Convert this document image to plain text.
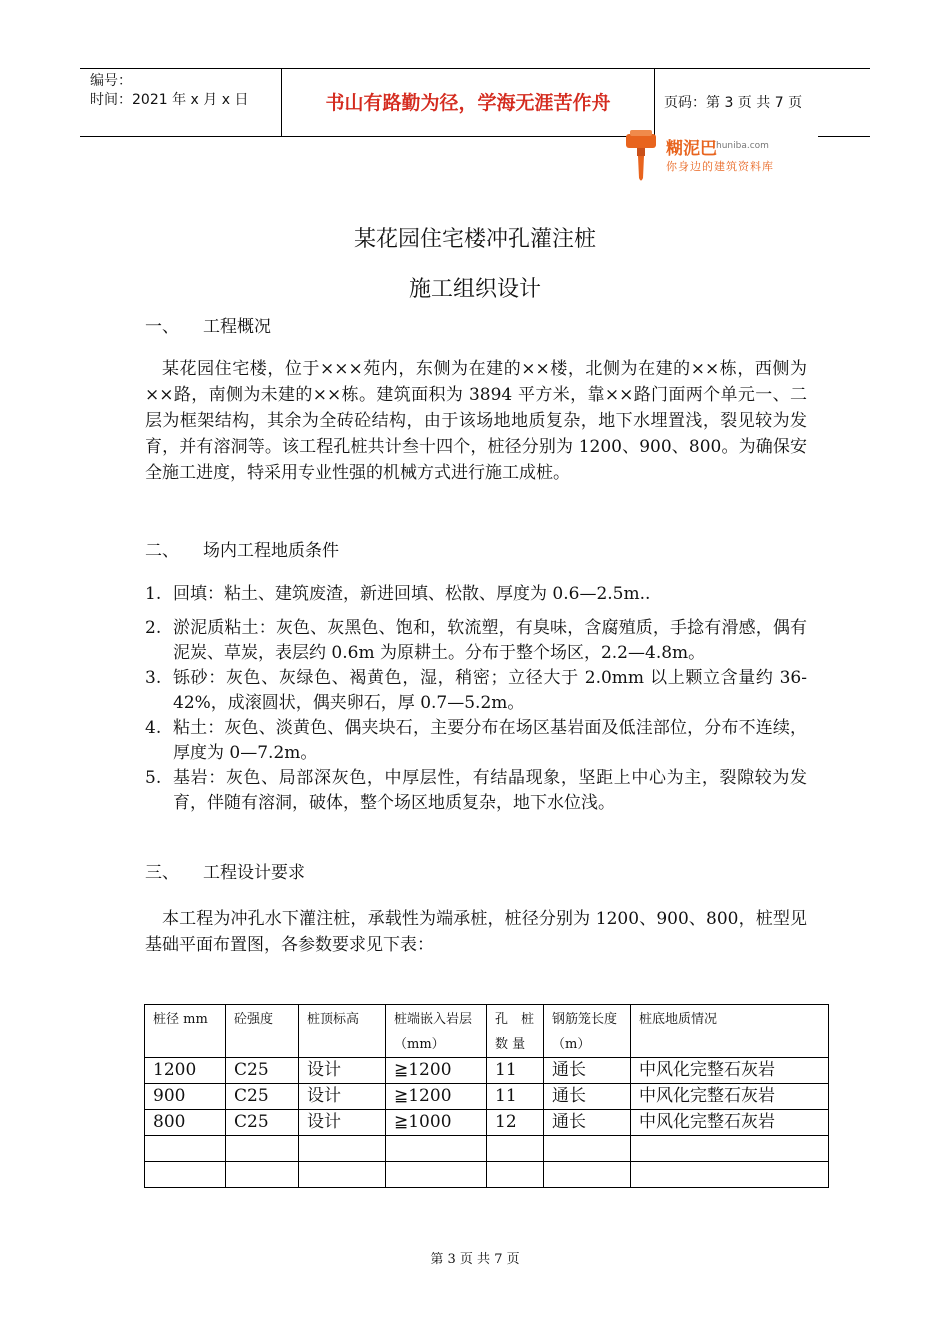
编号：
时间：2021 年 x 月 x 日	书山有路勤为径，学海无涯苦作舟	页码：第 3 页 共 7 页
糊泥巴 huniba.com
你身边的建筑资料库
某花园住宅楼冲孔灌注桩
施工组织设计
一、 工程概况
某花园住宅楼，位于×××苑内，东侧为在建的××楼，北侧为在建的××栋，西侧为××路，南侧为未建的××栋。建筑面积为 3894 平方米，靠××路门面两个单元一、二层为框架结构，其余为全砖砼结构，由于该场地地质复杂，地下水埋置浅，裂见较为发育，并有溶洞等。该工程孔桩共计叁十四个，桩径分别为 1200、900、800。为确保安全施工进度，特采用专业性强的机械方式进行施工成桩。
二、 场内工程地质条件
1. 回填：粘土、建筑废渣，新进回填、松散、厚度为 0.6—2.5m..
2. 淤泥质粘土：灰色、灰黑色、饱和，软流塑，有臭味，含腐殖质，手捻有滑感，偶有泥炭、草炭，表层约 0.6m 为原耕土。分布于整个场区，2.2—4.8m。
3. 铄砂：灰色、灰绿色、褐黄色，湿，稍密；立径大于 2.0mm 以上颗立含量约 36-42%，成滚圆状，偶夹卵石，厚 0.7—5.2m。
4. 粘土：灰色、淡黄色、偶夹块石，主要分布在场区基岩面及低洼部位，分布不连续，厚度为 0—7.2m。
5. 基岩：灰色、局部深灰色，中厚层性，有结晶现象，坚距上中心为主，裂隙较为发育，伴随有溶洞，破体，整个场区地质复杂，地下水位浅。
三、 工程设计要求
本工程为冲孔水下灌注桩，承载性为端承桩，桩径分别为 1200、900、800，桩型见基础平面布置图，各参数要求见下表：
桩径 mm	砼强度	桩顶标高	桩端嵌入岩层（mm）	孔　桩数 量	钢筋笼长度（m）	桩底地质情况
1200	C25	设计	≧1200	11	通长	中风化完整石灰岩
900	C25	设计	≧1200	11	通长	中风化完整石灰岩
800	C25	设计	≧1000	12	通长	中风化完整石灰岩

第 3 页 共 7 页
